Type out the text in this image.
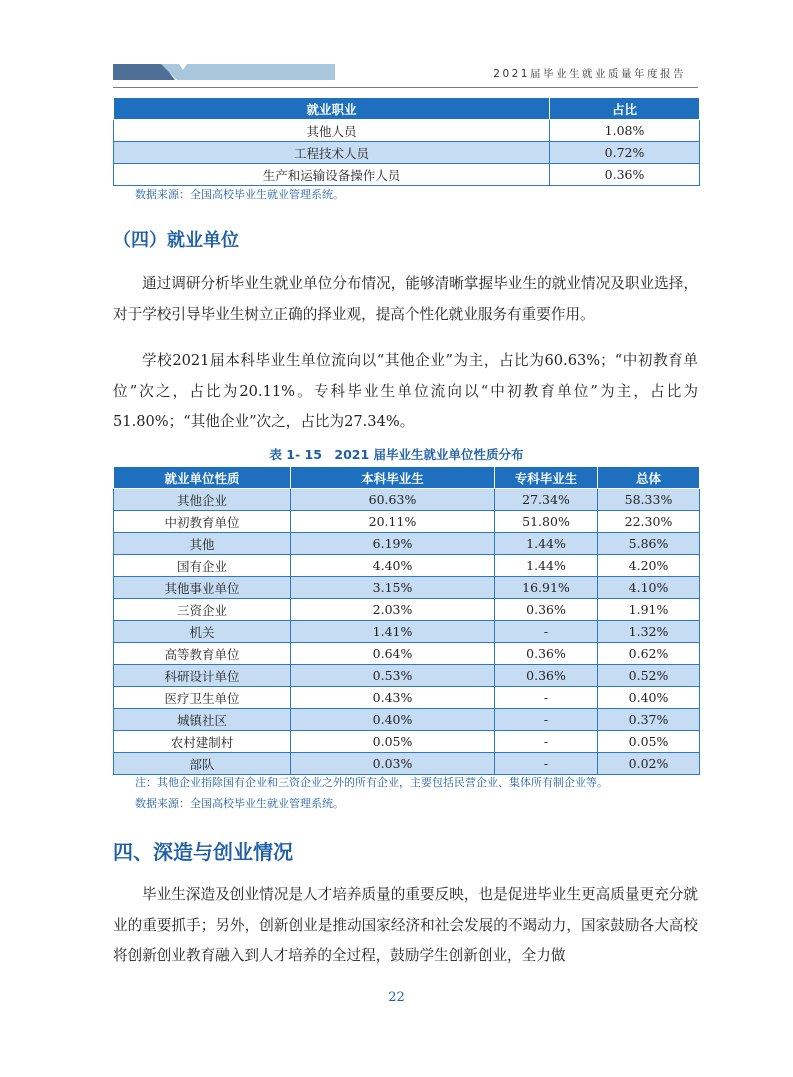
2021届毕业生就业质量年度报告
就业职业	占比
其他人员	1.08%
工程技术人员	0.72%
生产和运输设备操作人员	0.36%
数据来源：全国高校毕业生就业管理系统。
（四）就业单位
通过调研分析毕业生就业单位分布情况，能够清晰掌握毕业生的就业情况及职业选择，对于学校引导毕业生树立正确的择业观，提高个性化就业服务有重要作用。
学校2021届本科毕业生单位流向以“其他企业”为主，占比为60.63%；“中初教育单位”次之，占比为20.11%。专科毕业生单位流向以“中初教育单位”为主，占比为51.80%；“其他企业”次之，占比为27.34%。
表 1- 15　2021 届毕业生就业单位性质分布
就业单位性质	本科毕业生	专科毕业生	总体
其他企业	60.63%	27.34%	58.33%
中初教育单位	20.11%	51.80%	22.30%
其他	6.19%	1.44%	5.86%
国有企业	4.40%	1.44%	4.20%
其他事业单位	3.15%	16.91%	4.10%
三资企业	2.03%	0.36%	1.91%
机关	1.41%	-	1.32%
高等教育单位	0.64%	0.36%	0.62%
科研设计单位	0.53%	0.36%	0.52%
医疗卫生单位	0.43%	-	0.40%
城镇社区	0.40%	-	0.37%
农村建制村	0.05%	-	0.05%
部队	0.03%	-	0.02%
注：其他企业指除国有企业和三资企业之外的所有企业，主要包括民营企业、集体所有制企业等。
数据来源：全国高校毕业生就业管理系统。
四、深造与创业情况
毕业生深造及创业情况是人才培养质量的重要反映，也是促进毕业生更高质量更充分就业的重要抓手；另外，创新创业是推动国家经济和社会发展的不竭动力，国家鼓励各大高校将创新创业教育融入到人才培养的全过程，鼓励学生创新创业，全力做
22
